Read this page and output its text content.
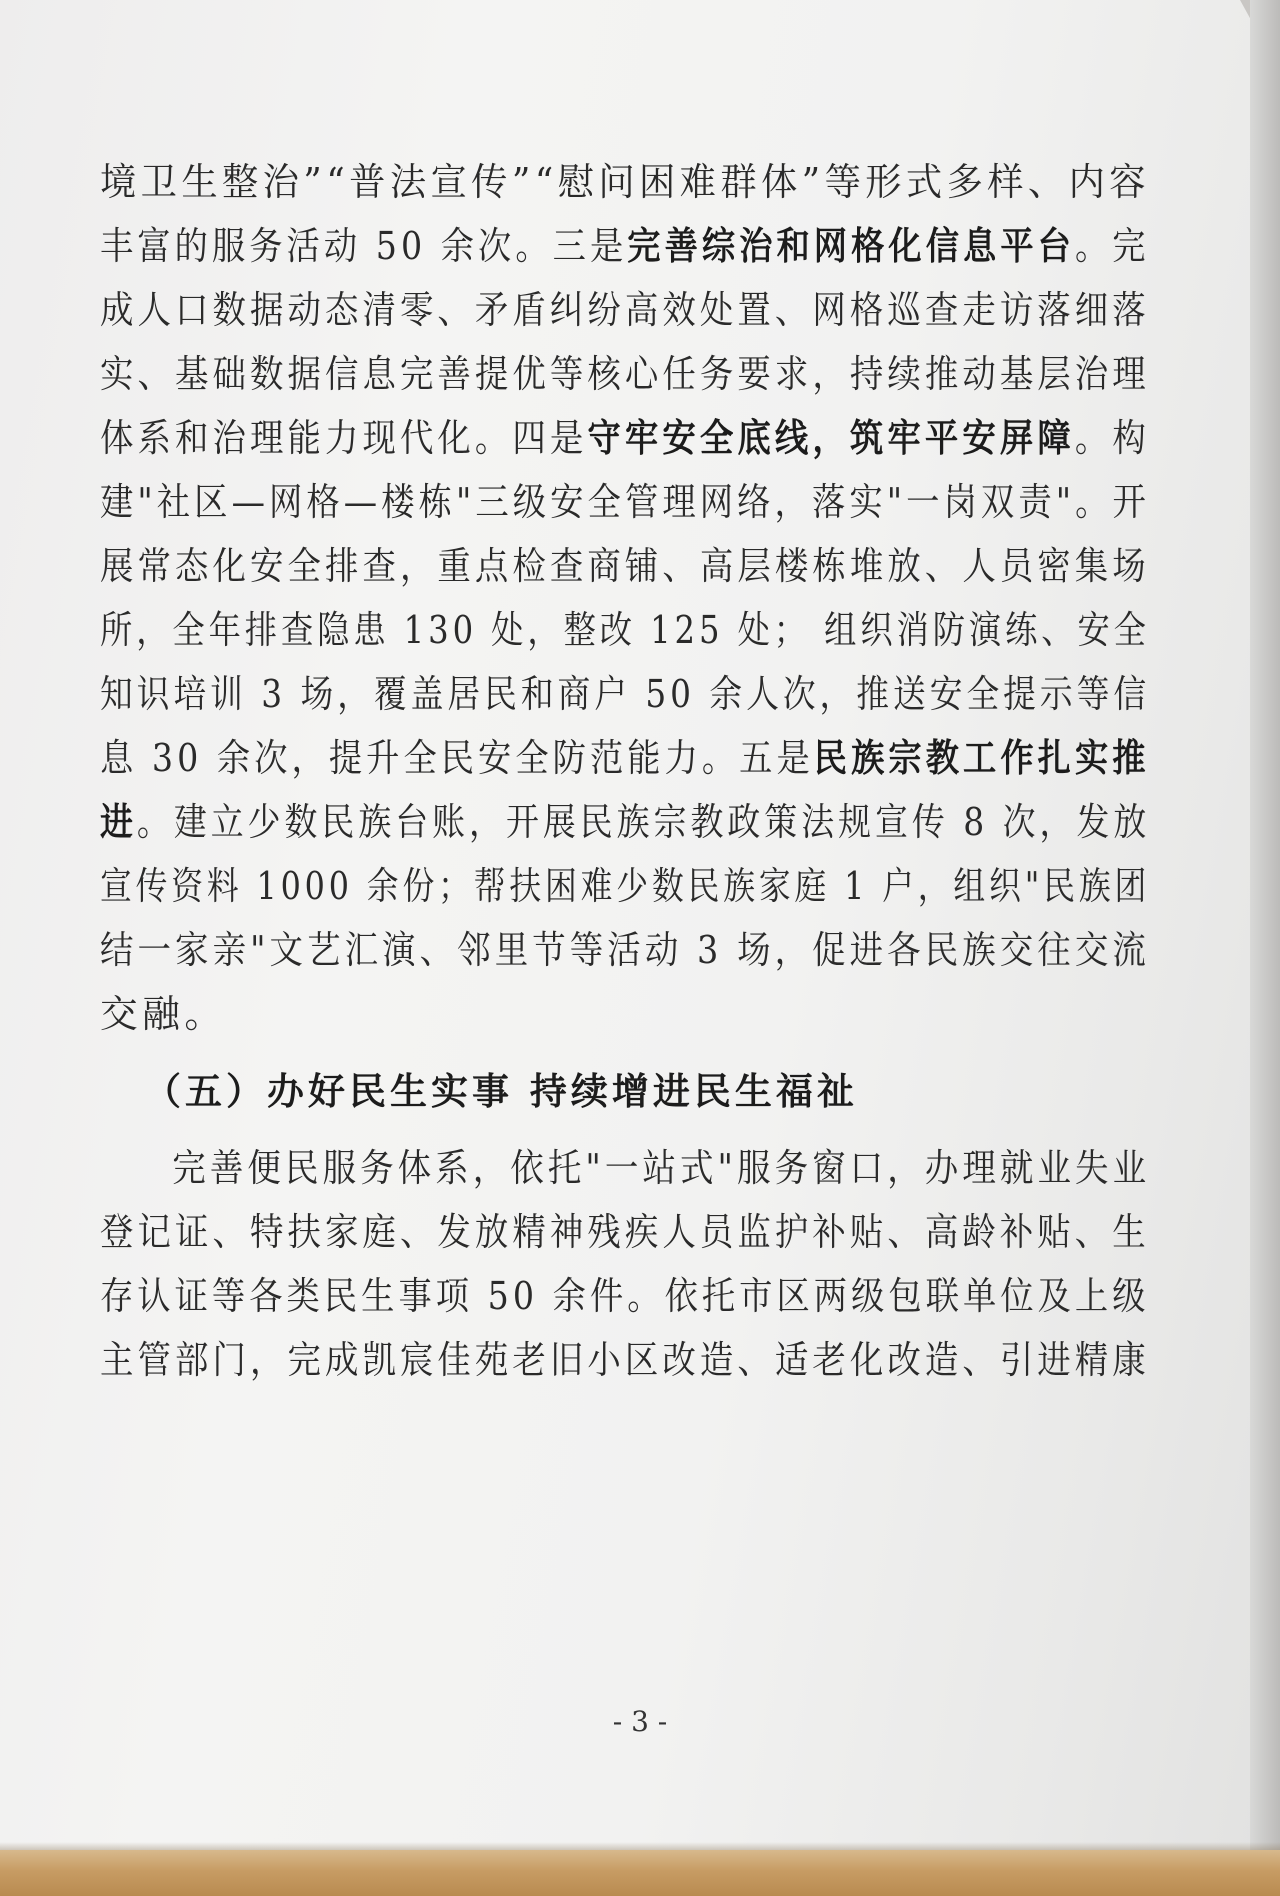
境卫生整治”“普法宣传”“慰问困难群体”等形式多样、内容
丰富的服务活动 50 余次。三是完善综治和网格化信息平台。完
成人口数据动态清零、矛盾纠纷高效处置、网格巡查走访落细落
实、基础数据信息完善提优等核心任务要求，持续推动基层治理
体系和治理能力现代化。四是守牢安全底线，筑牢平安屏障。构
建"社区—网格—楼栋"三级安全管理网络，落实"一岗双责"。开
展常态化安全排查，重点检查商铺、高层楼栋堆放、人员密集场
所，全年排查隐患 130 处，整改 125 处； 组织消防演练、安全
知识培训 3 场，覆盖居民和商户 50 余人次，推送安全提示等信
息 30 余次，提升全民安全防范能力。五是民族宗教工作扎实推
进。建立少数民族台账，开展民族宗教政策法规宣传 8 次，发放
宣传资料 1000 余份；帮扶困难少数民族家庭 1 户，组织"民族团
结一家亲"文艺汇演、邻里节等活动 3 场，促进各民族交往交流
交融。
（五）办好民生实事 持续增进民生福祉
完善便民服务体系，依托"一站式"服务窗口，办理就业失业
登记证、特扶家庭、发放精神残疾人员监护补贴、高龄补贴、生
存认证等各类民生事项 50 余件。依托市区两级包联单位及上级
主管部门，完成凯宸佳苑老旧小区改造、适老化改造、引进精康
- 3 -
